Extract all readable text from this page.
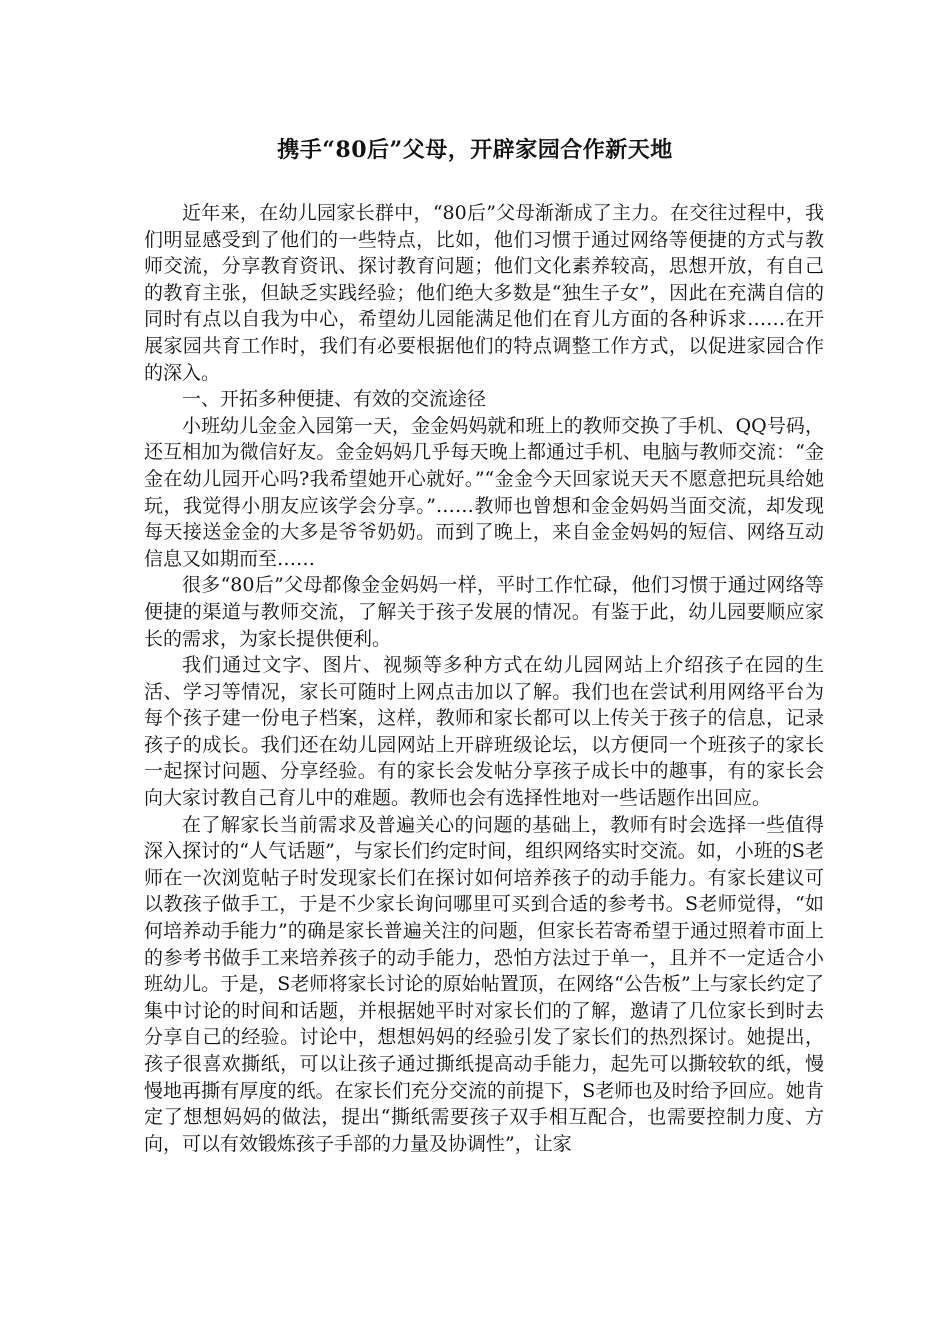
携手“80后”父母，开辟家园合作新天地

近年来，在幼儿园家长群中，“80后”父母渐渐成了主力。在交往过程中，我们明显感受到了他们的一些特点，比如，他们习惯于通过网络等便捷的方式与教师交流，分享教育资讯、探讨教育问题；他们文化素养较高，思想开放，有自己的教育主张，但缺乏实践经验；他们绝大多数是“独生子女”，因此在充满自信的同时有点以自我为中心，希望幼儿园能满足他们在育儿方面的各种诉求……在开展家园共育工作时，我们有必要根据他们的特点调整工作方式，以促进家园合作的深入。

一、开拓多种便捷、有效的交流途径

小班幼儿金金入园第一天，金金妈妈就和班上的教师交换了手机、QQ号码，还互相加为微信好友。金金妈妈几乎每天晚上都通过手机、电脑与教师交流：“金金在幼儿园开心吗?我希望她开心就好。”“金金今天回家说天天不愿意把玩具给她玩，我觉得小朋友应该学会分享。”……教师也曾想和金金妈妈当面交流，却发现每天接送金金的大多是爷爷奶奶。而到了晚上，来自金金妈妈的短信、网络互动信息又如期而至……

很多“80后”父母都像金金妈妈一样，平时工作忙碌，他们习惯于通过网络等便捷的渠道与教师交流，了解关于孩子发展的情况。有鉴于此，幼儿园要顺应家长的需求，为家长提供便利。

我们通过文字、图片、视频等多种方式在幼儿园网站上介绍孩子在园的生活、学习等情况，家长可随时上网点击加以了解。我们也在尝试利用网络平台为每个孩子建一份电子档案，这样，教师和家长都可以上传关于孩子的信息，记录孩子的成长。我们还在幼儿园网站上开辟班级论坛，以方便同一个班孩子的家长一起探讨问题、分享经验。有的家长会发帖分享孩子成长中的趣事，有的家长会向大家讨教自己育儿中的难题。教师也会有选择性地对一些话题作出回应。

在了解家长当前需求及普遍关心的问题的基础上，教师有时会选择一些值得深入探讨的“人气话题”，与家长们约定时间，组织网络实时交流。如，小班的S老师在一次浏览帖子时发现家长们在探讨如何培养孩子的动手能力。有家长建议可以教孩子做手工，于是不少家长询问哪里可买到合适的参考书。S老师觉得，“如何培养动手能力”的确是家长普遍关注的问题，但家长若寄希望于通过照着市面上的参考书做手工来培养孩子的动手能力，恐怕方法过于单一，且并不一定适合小班幼儿。于是，S老师将家长讨论的原始帖置顶，在网络“公告板”上与家长约定了集中讨论的时间和话题，并根据她平时对家长们的了解，邀请了几位家长到时去分享自己的经验。讨论中，想想妈妈的经验引发了家长们的热烈探讨。她提出，孩子很喜欢撕纸，可以让孩子通过撕纸提高动手能力，起先可以撕较软的纸，慢慢地再撕有厚度的纸。在家长们充分交流的前提下，S老师也及时给予回应。她肯定了想想妈妈的做法，提出“撕纸需要孩子双手相互配合，也需要控制力度、方向，可以有效锻炼孩子手部的力量及协调性”，让家
